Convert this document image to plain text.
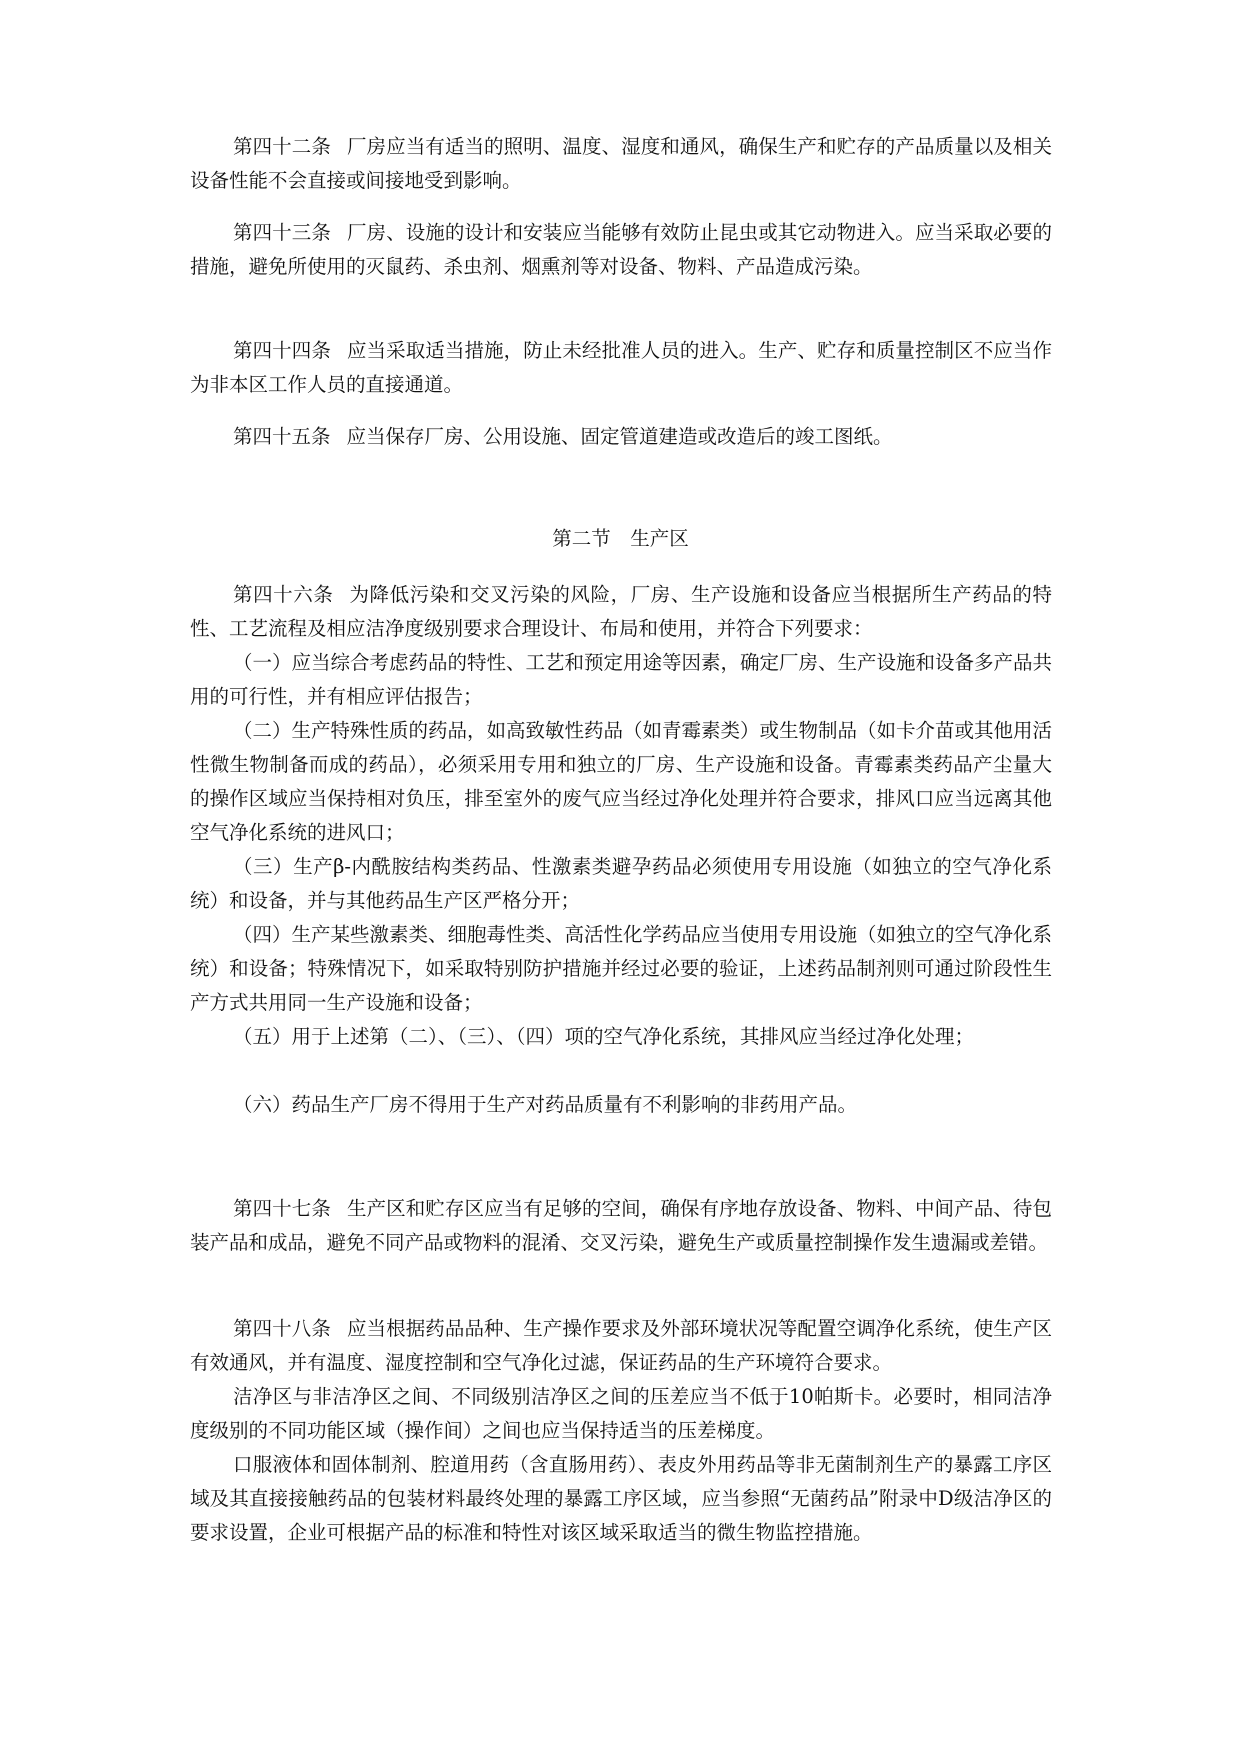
第四十二条 厂房应当有适当的照明、温度、湿度和通风，确保生产和贮存的产品质量以及相关设备性能不会直接或间接地受到影响。

第四十三条 厂房、设施的设计和安装应当能够有效防止昆虫或其它动物进入。应当采取必要的措施，避免所使用的灭鼠药、杀虫剂、烟熏剂等对设备、物料、产品造成污染。

第四十四条 应当采取适当措施，防止未经批准人员的进入。生产、贮存和质量控制区不应当作为非本区工作人员的直接通道。

第四十五条 应当保存厂房、公用设施、固定管道建造或改造后的竣工图纸。

第二节　生产区

第四十六条 为降低污染和交叉污染的风险，厂房、生产设施和设备应当根据所生产药品的特性、工艺流程及相应洁净度级别要求合理设计、布局和使用，并符合下列要求：

（一）应当综合考虑药品的特性、工艺和预定用途等因素，确定厂房、生产设施和设备多产品共用的可行性，并有相应评估报告；

（二）生产特殊性质的药品，如高致敏性药品（如青霉素类）或生物制品（如卡介苗或其他用活性微生物制备而成的药品），必须采用专用和独立的厂房、生产设施和设备。青霉素类药品产尘量大的操作区域应当保持相对负压，排至室外的废气应当经过净化处理并符合要求，排风口应当远离其他空气净化系统的进风口；

（三）生产β-内酰胺结构类药品、性激素类避孕药品必须使用专用设施（如独立的空气净化系统）和设备，并与其他药品生产区严格分开；

（四）生产某些激素类、细胞毒性类、高活性化学药品应当使用专用设施（如独立的空气净化系统）和设备；特殊情况下，如采取特别防护措施并经过必要的验证，上述药品制剂则可通过阶段性生产方式共用同一生产设施和设备；

（五）用于上述第（二）、（三）、（四）项的空气净化系统，其排风应当经过净化处理；

（六）药品生产厂房不得用于生产对药品质量有不利影响的非药用产品。

第四十七条 生产区和贮存区应当有足够的空间，确保有序地存放设备、物料、中间产品、待包装产品和成品，避免不同产品或物料的混淆、交叉污染，避免生产或质量控制操作发生遗漏或差错。

第四十八条 应当根据药品品种、生产操作要求及外部环境状况等配置空调净化系统，使生产区有效通风，并有温度、湿度控制和空气净化过滤，保证药品的生产环境符合要求。

洁净区与非洁净区之间、不同级别洁净区之间的压差应当不低于10帕斯卡。必要时，相同洁净度级别的不同功能区域（操作间）之间也应当保持适当的压差梯度。

口服液体和固体制剂、腔道用药（含直肠用药）、表皮外用药品等非无菌制剂生产的暴露工序区域及其直接接触药品的包装材料最终处理的暴露工序区域，应当参照“无菌药品”附录中D级洁净区的要求设置，企业可根据产品的标准和特性对该区域采取适当的微生物监控措施。
